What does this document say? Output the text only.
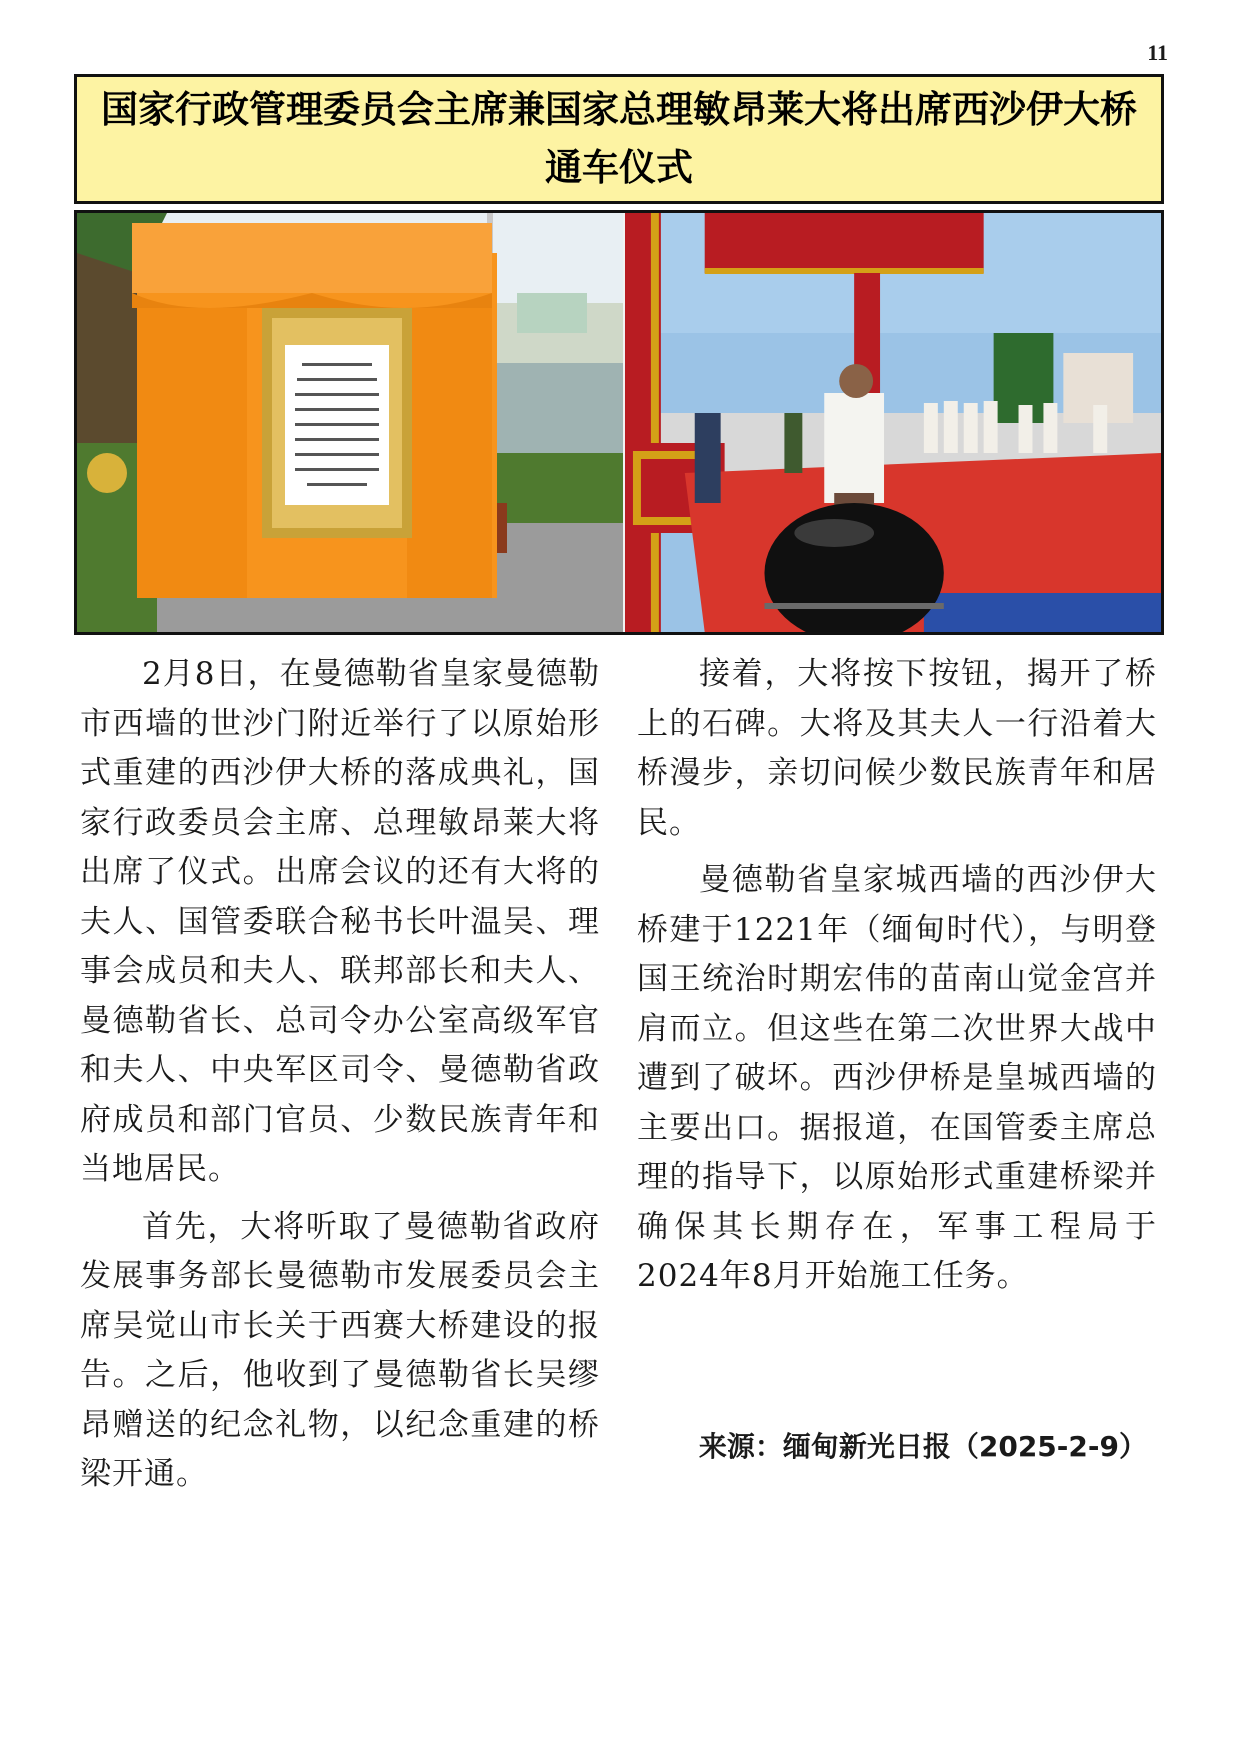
11
国家行政管理委员会主席兼国家总理敏昂莱大将出席西沙伊大桥通车仪式

2月8日，在曼德勒省皇家曼德勒市西墙的世沙门附近举行了以原始形式重建的西沙伊大桥的落成典礼，国家行政委员会主席、总理敏昂莱大将出席了仪式。出席会议的还有大将的夫人、国管委联合秘书长叶温吴、理事会成员和夫人、联邦部长和夫人、曼德勒省长、总司令办公室高级军官和夫人、中央军区司令、曼德勒省政府成员和部门官员、少数民族青年和当地居民。

首先，大将听取了曼德勒省政府发展事务部长曼德勒市发展委员会主席吴觉山市长关于西赛大桥建设的报告。之后，他收到了曼德勒省长吴缪昂赠送的纪念礼物，以纪念重建的桥梁开通。

接着，大将按下按钮，揭开了桥上的石碑。大将及其夫人一行沿着大桥漫步，亲切问候少数民族青年和居民。

曼德勒省皇家城西墙的西沙伊大桥建于1221年（缅甸时代），与明登国王统治时期宏伟的苗南山觉金宫并肩而立。但这些在第二次世界大战中遭到了破坏。西沙伊桥是皇城西墙的主要出口。据报道，在国管委主席总理的指导下，以原始形式重建桥梁并确保其长期存在，军事工程局于2024年8月开始施工任务。

来源：缅甸新光日报（2025-2-9）
